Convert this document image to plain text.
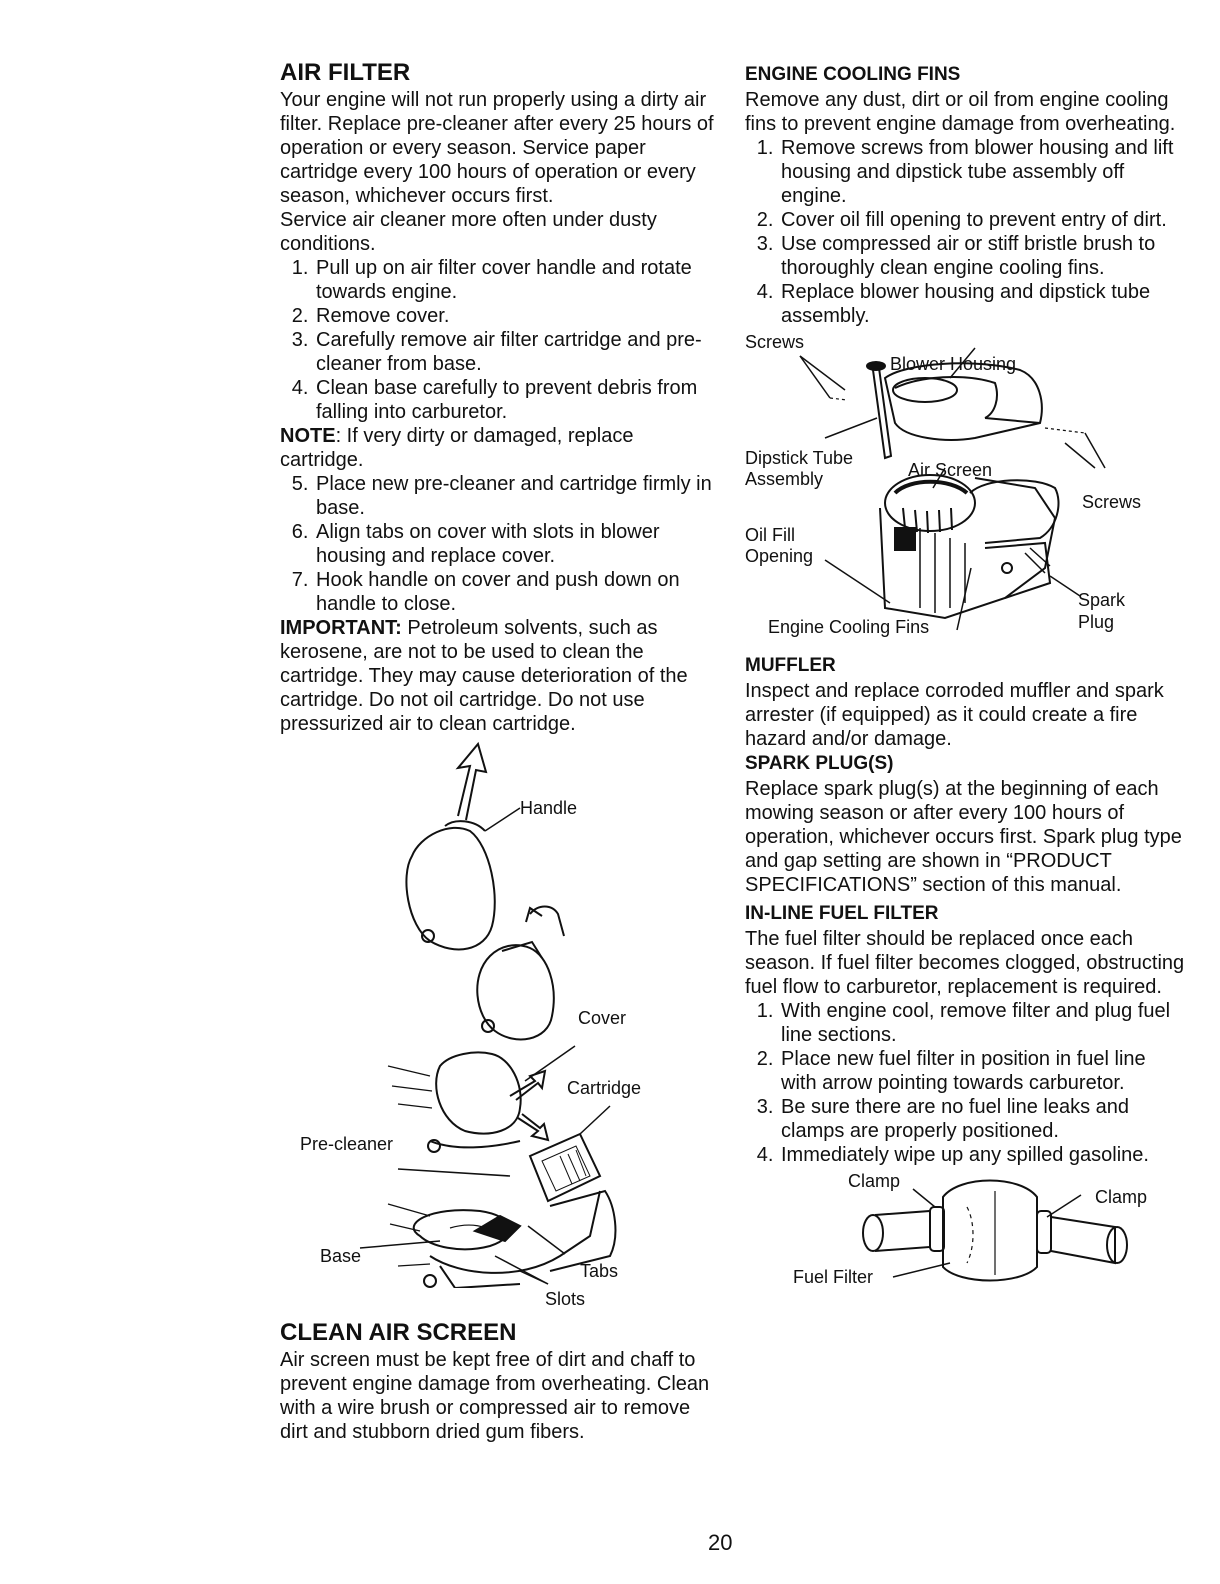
AIR FILTER

Your engine will not run properly using a dirty air filter. Replace pre-cleaner after every 25 hours of operation or every season. Service paper cartridge every 100 hours of operation or every season, whichever occurs first.

Service air cleaner more often under dusty conditions.

1. Pull up on air filter cover handle and rotate towards engine.
2. Remove cover.
3. Carefully remove air filter cartridge and pre-cleaner from base.
4. Clean base carefully to prevent debris from falling into carburetor.

NOTE: If very dirty or damaged, replace cartridge.

5. Place new pre-cleaner and cartridge firmly in base.
6. Align tabs on cover with slots in blower housing and replace cover.
7. Hook handle on cover and push down on handle to close.

IMPORTANT: Petroleum solvents, such as kerosene, are not to be used to clean the cartridge. They may cause deterioration of the cartridge. Do not oil cartridge. Do not use pressurized air to clean cartridge.

Handle
Cover
Cartridge
Pre-cleaner
Base
Tabs
Slots
CLEAN AIR SCREEN

Air screen must be kept free of dirt and chaff to prevent engine damage from overheating. Clean with a wire brush or compressed air to remove dirt and stubborn dried gum fibers.

ENGINE COOLING FINS

Remove any dust, dirt or oil from engine cooling fins to prevent engine damage from overheating.

1. Remove screws from blower housing and lift housing and dipstick tube assembly off engine.
2. Cover oil fill opening to prevent entry of dirt.
3. Use compressed air or stiff bristle brush to thoroughly clean engine cooling fins.
4. Replace blower housing and dipstick tube assembly.
Screws
Blower Housing
Dipstick Tube
Assembly	Air Screen
Screws
Oil Fill
Opening
Spark
Plug
Engine Cooling Fins
MUFFLER

Inspect and replace corroded muffler and spark arrester (if equipped) as it could create a fire hazard and/or damage.

SPARK PLUG(S)

Replace spark plug(s) at the beginning of each mowing season or after every 100 hours of operation, whichever occurs first. Spark plug type and gap setting are shown in “PRODUCT SPECIFICATIONS” section of this manual.

IN-LINE FUEL FILTER

The fuel filter should be replaced once each season. If fuel filter becomes clogged, obstructing fuel flow to carburetor, replacement is required.

1. With engine cool, remove filter and plug fuel line sections.
2. Place new fuel filter in position in fuel line with arrow pointing towards carburetor.
3. Be sure there are no fuel line leaks and clamps are properly positioned.
4. Immediately wipe up any spilled gasoline.
Clamp
Clamp
Fuel Filter
20
